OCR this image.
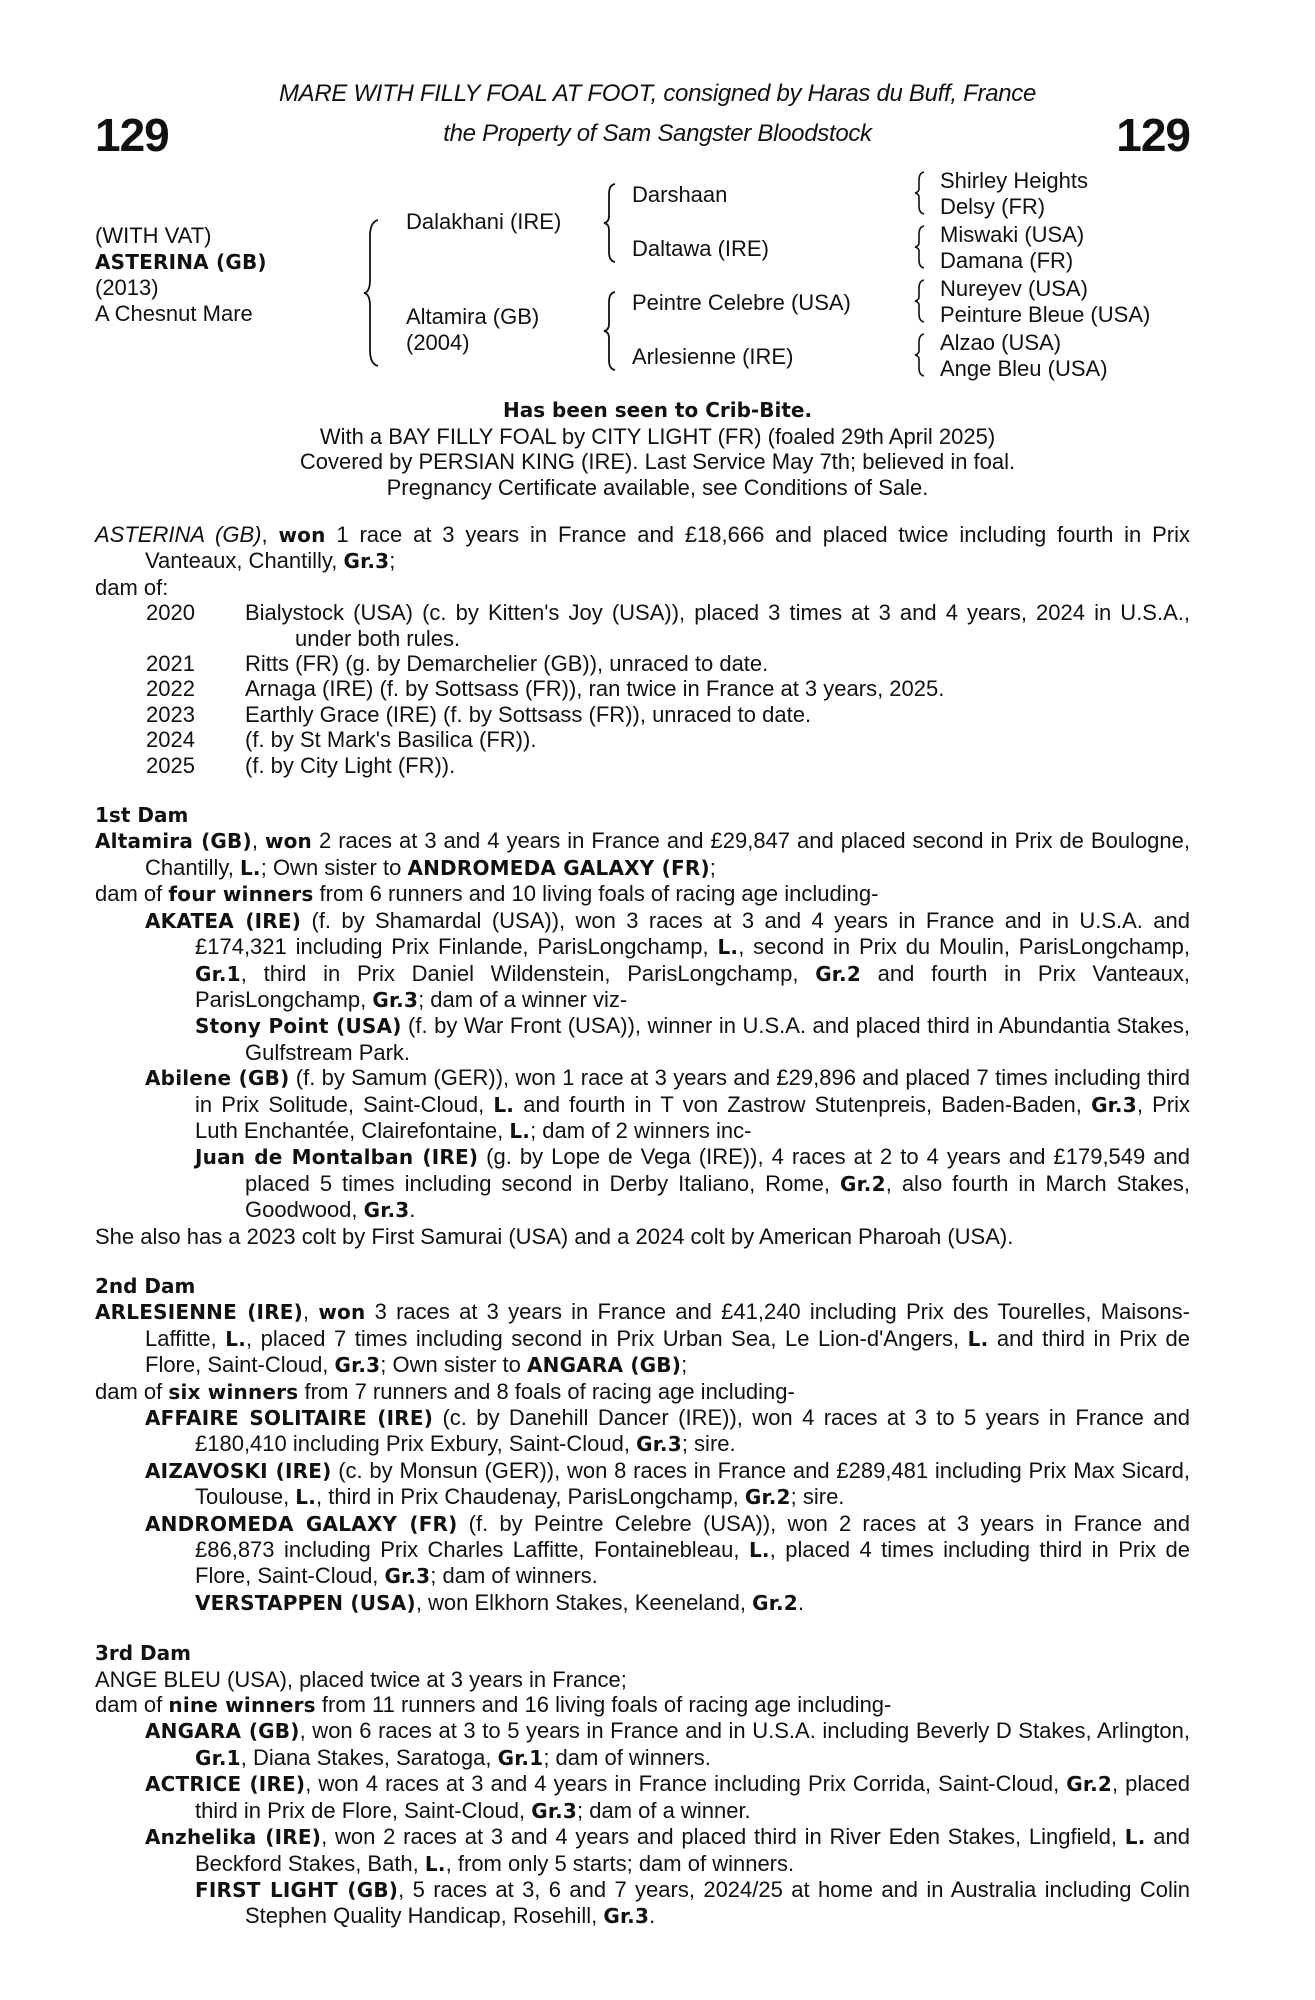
129	129
MARE WITH FILLY FOAL AT FOOT, consigned by Haras du Buff, France
the Property of Sam Sangster Bloodstock
(WITH VAT)
ASTERINA (GB)
(2013)
A Chesnut Mare
Dalakhani (IRE)
Altamira (GB)
(2004)
Darshaan
Daltawa (IRE)
Peintre Celebre (USA)
Arlesienne (IRE)
Shirley Heights
Delsy (FR)
Miswaki (USA)
Damana (FR)
Nureyev (USA)
Peinture Bleue (USA)
Alzao (USA)
Ange Bleu (USA)
Has been seen to Crib-Bite.
With a BAY FILLY FOAL by CITY LIGHT (FR) (foaled 29th April 2025)
Covered by PERSIAN KING (IRE). Last Service May 7th; believed in foal.
Pregnancy Certificate available, see Conditions of Sale.
ASTERINA (GB), won 1 race at 3 years in France and £18,666 and placed twice including fourth in Prix Vanteaux, Chantilly, Gr.3;
dam of:
2020	Bialystock (USA) (c. by Kitten's Joy (USA)), placed 3 times at 3 and 4 years, 2024 in U.S.A., under both rules.
2021	Ritts (FR) (g. by Demarchelier (GB)), unraced to date.
2022	Arnaga (IRE) (f. by Sottsass (FR)), ran twice in France at 3 years, 2025.
2023	Earthly Grace (IRE) (f. by Sottsass (FR)), unraced to date.
2024	(f. by St Mark's Basilica (FR)).
2025	(f. by City Light (FR)).
1st Dam
Altamira (GB), won 2 races at 3 and 4 years in France and £29,847 and placed second in Prix de Boulogne, Chantilly, L.; Own sister to ANDROMEDA GALAXY (FR);
dam of four winners from 6 runners and 10 living foals of racing age including-
AKATEA (IRE) (f. by Shamardal (USA)), won 3 races at 3 and 4 years in France and in U.S.A. and £174,321 including Prix Finlande, ParisLongchamp, L., second in Prix du Moulin, ParisLongchamp, Gr.1, third in Prix Daniel Wildenstein, ParisLongchamp, Gr.2 and fourth in Prix Vanteaux, ParisLongchamp, Gr.3; dam of a winner viz-
Stony Point (USA) (f. by War Front (USA)), winner in U.S.A. and placed third in Abundantia Stakes, Gulfstream Park.
Abilene (GB) (f. by Samum (GER)), won 1 race at 3 years and £29,896 and placed 7 times including third in Prix Solitude, Saint-Cloud, L. and fourth in T von Zastrow Stutenpreis, Baden-Baden, Gr.3, Prix Luth Enchantée, Clairefontaine, L.; dam of 2 winners inc-
Juan de Montalban (IRE) (g. by Lope de Vega (IRE)), 4 races at 2 to 4 years and £179,549 and placed 5 times including second in Derby Italiano, Rome, Gr.2, also fourth in March Stakes, Goodwood, Gr.3.
She also has a 2023 colt by First Samurai (USA) and a 2024 colt by American Pharoah (USA).
2nd Dam
ARLESIENNE (IRE), won 3 races at 3 years in France and £41,240 including Prix des Tourelles, Maisons-Laffitte, L., placed 7 times including second in Prix Urban Sea, Le Lion-d'Angers, L. and third in Prix de Flore, Saint-Cloud, Gr.3; Own sister to ANGARA (GB);
dam of six winners from 7 runners and 8 foals of racing age including-
AFFAIRE SOLITAIRE (IRE) (c. by Danehill Dancer (IRE)), won 4 races at 3 to 5 years in France and £180,410 including Prix Exbury, Saint-Cloud, Gr.3; sire.
AIZAVOSKI (IRE) (c. by Monsun (GER)), won 8 races in France and £289,481 including Prix Max Sicard, Toulouse, L., third in Prix Chaudenay, ParisLongchamp, Gr.2; sire.
ANDROMEDA GALAXY (FR) (f. by Peintre Celebre (USA)), won 2 races at 3 years in France and £86,873 including Prix Charles Laffitte, Fontainebleau, L., placed 4 times including third in Prix de Flore, Saint-Cloud, Gr.3; dam of winners.
VERSTAPPEN (USA), won Elkhorn Stakes, Keeneland, Gr.2.
3rd Dam
ANGE BLEU (USA), placed twice at 3 years in France;
dam of nine winners from 11 runners and 16 living foals of racing age including-
ANGARA (GB), won 6 races at 3 to 5 years in France and in U.S.A. including Beverly D Stakes, Arlington, Gr.1, Diana Stakes, Saratoga, Gr.1; dam of winners.
ACTRICE (IRE), won 4 races at 3 and 4 years in France including Prix Corrida, Saint-Cloud, Gr.2, placed third in Prix de Flore, Saint-Cloud, Gr.3; dam of a winner.
Anzhelika (IRE), won 2 races at 3 and 4 years and placed third in River Eden Stakes, Lingfield, L. and Beckford Stakes, Bath, L., from only 5 starts; dam of winners.
FIRST LIGHT (GB), 5 races at 3, 6 and 7 years, 2024/25 at home and in Australia including Colin Stephen Quality Handicap, Rosehill, Gr.3.
